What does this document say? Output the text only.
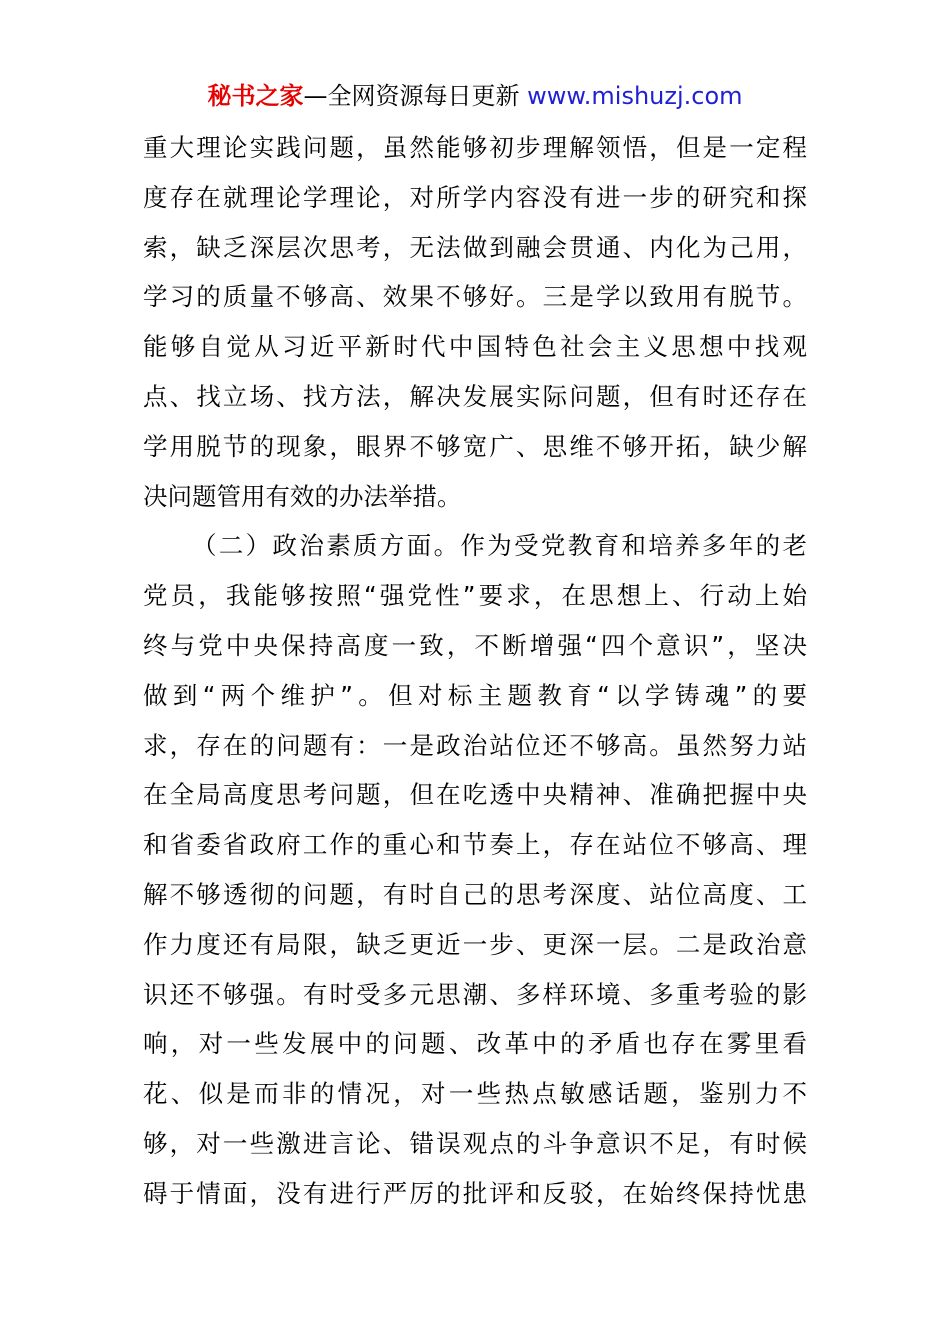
秘书之家—全网资源每日更新 www.mishuzj.com
重大理论实践问题，虽然能够初步理解领悟，但是一定程
度存在就理论学理论，对所学内容没有进一步的研究和探
索，缺乏深层次思考，无法做到融会贯通、内化为己用，
学习的质量不够高、效果不够好。三是学以致用有脱节。
能够自觉从习近平新时代中国特色社会主义思想中找观
点、找立场、找方法，解决发展实际问题，但有时还存在
学用脱节的现象，眼界不够宽广、思维不够开拓，缺少解
决问题管用有效的办法举措。
（二）政治素质方面。作为受党教育和培养多年的老
党员，我能够按照“强党性”要求，在思想上、行动上始
终与党中央保持高度一致，不断增强“四个意识”，坚决
做到“两个维护”。但对标主题教育“以学铸魂”的要
求，存在的问题有：一是政治站位还不够高。虽然努力站
在全局高度思考问题，但在吃透中央精神、准确把握中央
和省委省政府工作的重心和节奏上，存在站位不够高、理
解不够透彻的问题，有时自己的思考深度、站位高度、工
作力度还有局限，缺乏更近一步、更深一层。二是政治意
识还不够强。有时受多元思潮、多样环境、多重考验的影
响，对一些发展中的问题、改革中的矛盾也存在雾里看
花、似是而非的情况，对一些热点敏感话题，鉴别力不
够，对一些激进言论、错误观点的斗争意识不足，有时候
碍于情面，没有进行严厉的批评和反驳，在始终保持忧患
